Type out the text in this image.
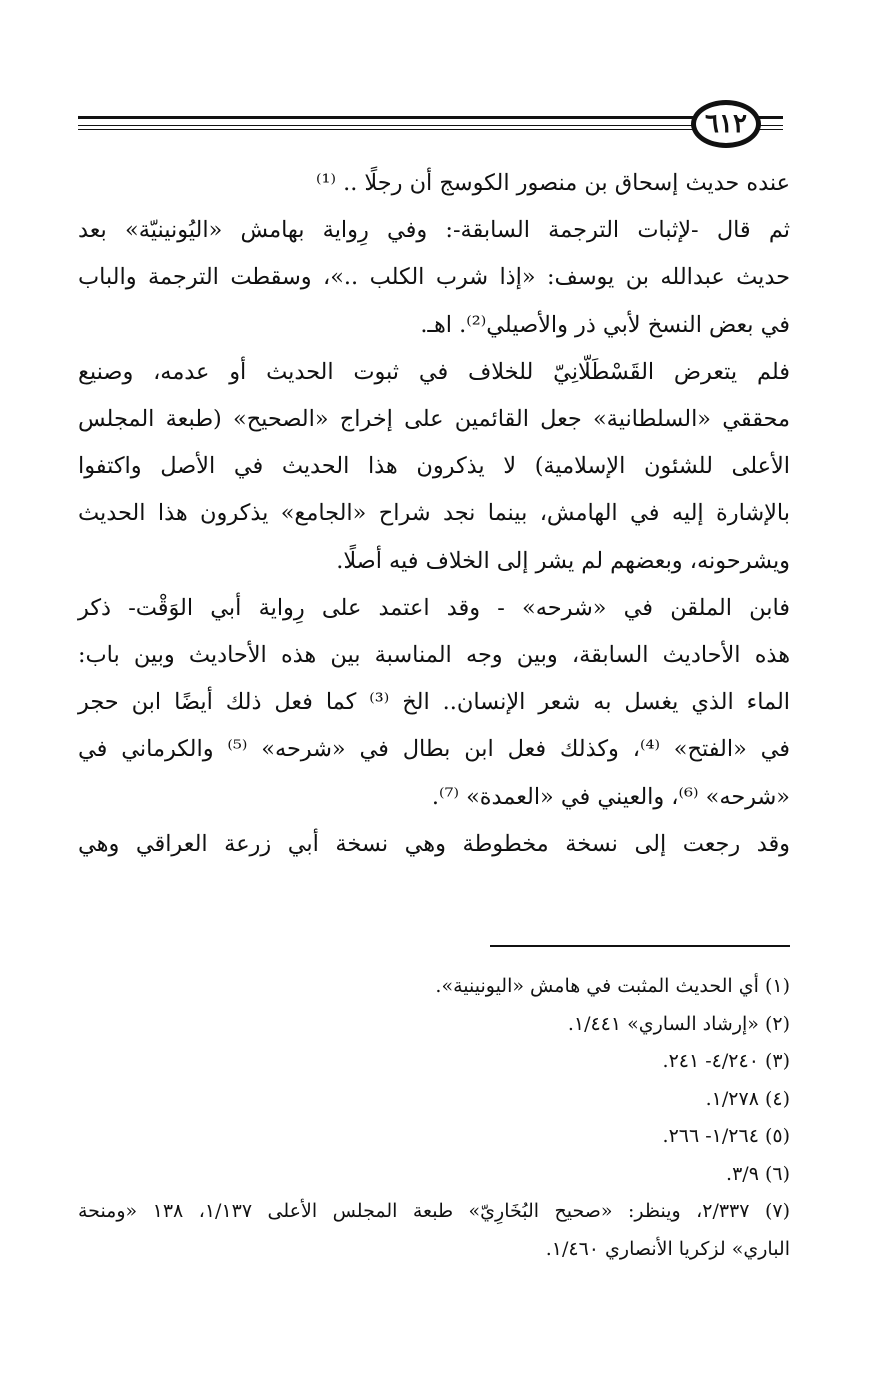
٦١٢

عنده حديث إسحاق بن منصور الكوسج أن رجلًا .. ⁽¹⁾

ثم قال -لإثبات الترجمة السابقة-: وفي رِواية بهامش «اليُونينيّة» بعد

حديث عبدالله بن يوسف: «إذا شرب الكلب ..»، وسقطت الترجمة والباب

في بعض النسخ لأبي ذر والأصيلي⁽²⁾. اهـ.

فلم يتعرض القَسْطَلّانِيّ للخلاف في ثبوت الحديث أو عدمه، وصنيع

محققي «السلطانية» جعل القائمين على إخراج «الصحيح» (طبعة المجلس

الأعلى للشئون الإسلامية) لا يذكرون هذا الحديث في الأصل واكتفوا

بالإشارة إليه في الهامش، بينما نجد شراح «الجامع» يذكرون هذا الحديث

ويشرحونه، وبعضهم لم يشر إلى الخلاف فيه أصلًا.

فابن الملقن في «شرحه» - وقد اعتمد على رِواية أبي الوَقْت- ذكر

هذه الأحاديث السابقة، وبين وجه المناسبة بين هذه الأحاديث وبين باب:

الماء الذي يغسل به شعر الإنسان.. الخ ⁽³⁾ كما فعل ذلك أيضًا ابن حجر

في «الفتح» ⁽⁴⁾، وكذلك فعل ابن بطال في «شرحه» ⁽⁵⁾ والكرماني في

«شرحه» ⁽⁶⁾، والعيني في «العمدة» ⁽⁷⁾.

وقد رجعت إلى نسخة مخطوطة وهي نسخة أبي زرعة العراقي وهي

(١) أي الحديث المثبت في هامش «اليونينية».

(٢) «إرشاد الساري» ١/٤٤١.

(٣) ٤/٢٤٠- ٢٤١.

(٤) ١/٢٧٨.

(٥) ١/٢٦٤- ٢٦٦.

(٦) ٣/٩.

(٧) ٢/٣٣٧، وينظر: «صحيح البُخَارِيّ» طبعة المجلس الأعلى ١/١٣٧، ١٣٨ «ومنحة

الباري» لزكريا الأنصاري ١/٤٦٠.
